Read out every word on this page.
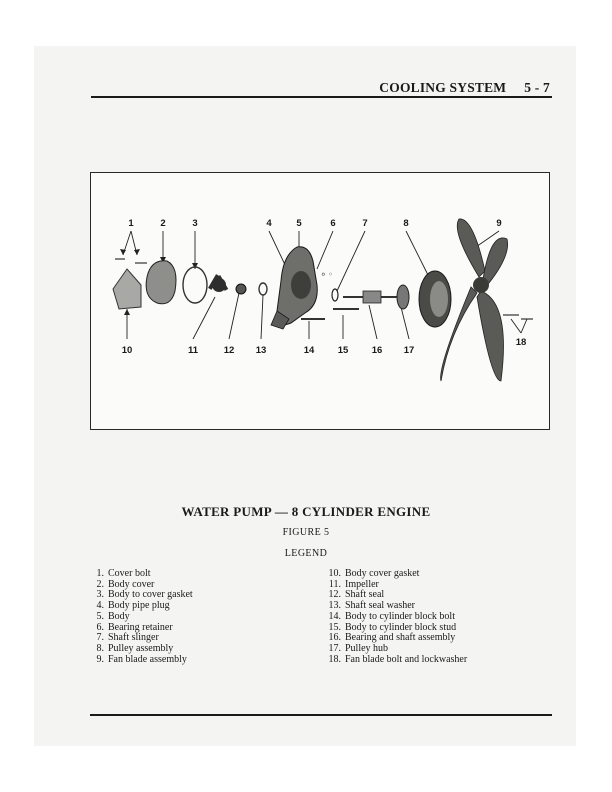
COOLING SYSTEM 5 - 7
⸰ ◦
1	2	3	4	5	6	7	8	9
10	11	12 13	14 15 16 17
18
WATER PUMP — 8 CYLINDER ENGINE
FIGURE 5
LEGEND
1. Cover bolt
2. Body cover
3. Body to cover gasket
4. Body pipe plug
5. Body
6. Bearing retainer
7. Shaft slinger
8. Pulley assembly
9. Fan blade assembly
10. Body cover gasket
11. Impeller
12. Shaft seal
13. Shaft seal washer
14. Body to cylinder block bolt
15. Body to cylinder block stud
16. Bearing and shaft assembly
17. Pulley hub
18. Fan blade bolt and lockwasher
